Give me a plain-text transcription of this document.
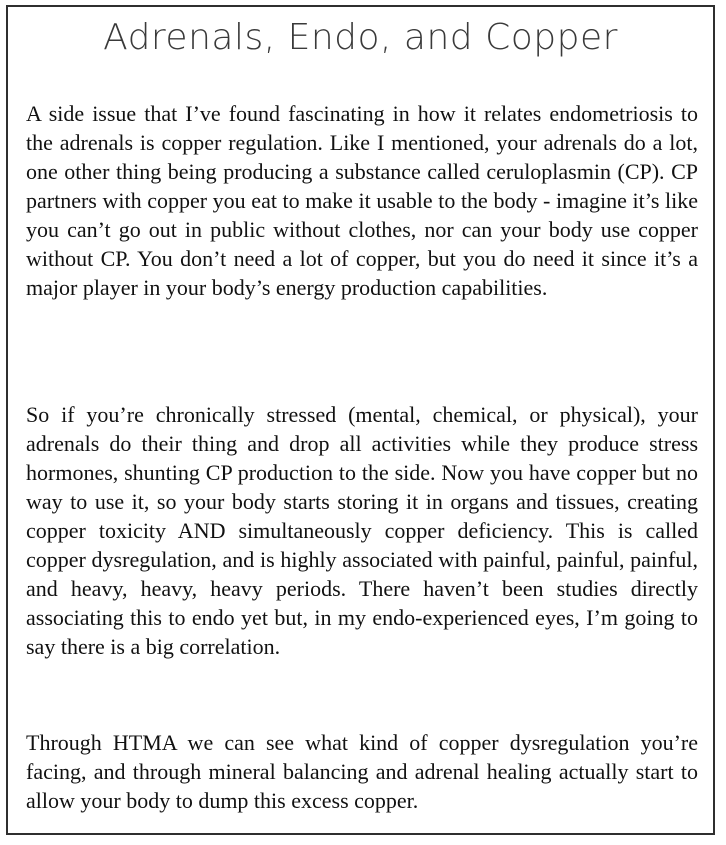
Adrenals, Endo, and Copper

A side issue that I’ve found fascinating in how it relates endometriosis to the adrenals is copper regulation. Like I mentioned, your adrenals do a lot, one other thing being producing a substance called ceruloplasmin (CP). CP partners with copper you eat to make it usable to the body - imagine it’s like you can’t go out in public without clothes, nor can your body use copper without CP. You don’t need a lot of copper, but you do need it since it’s a major player in your body’s energy production capabilities.

So if you’re chronically stressed (mental, chemical, or physical), your adrenals do their thing and drop all activities while they produce stress hormones, shunting CP production to the side. Now you have copper but no way to use it, so your body starts storing it in organs and tissues, creating copper toxicity AND simultaneously copper deficiency. This is called copper dysregulation, and is highly associated with painful, painful, painful, and heavy, heavy, heavy periods. There haven’t been studies directly associating this to endo yet but, in my endo-experienced eyes, I’m going to say there is a big correlation.

Through HTMA we can see what kind of copper dysregulation you’re facing, and through mineral balancing and adrenal healing actually start to allow your body to dump this excess copper.
